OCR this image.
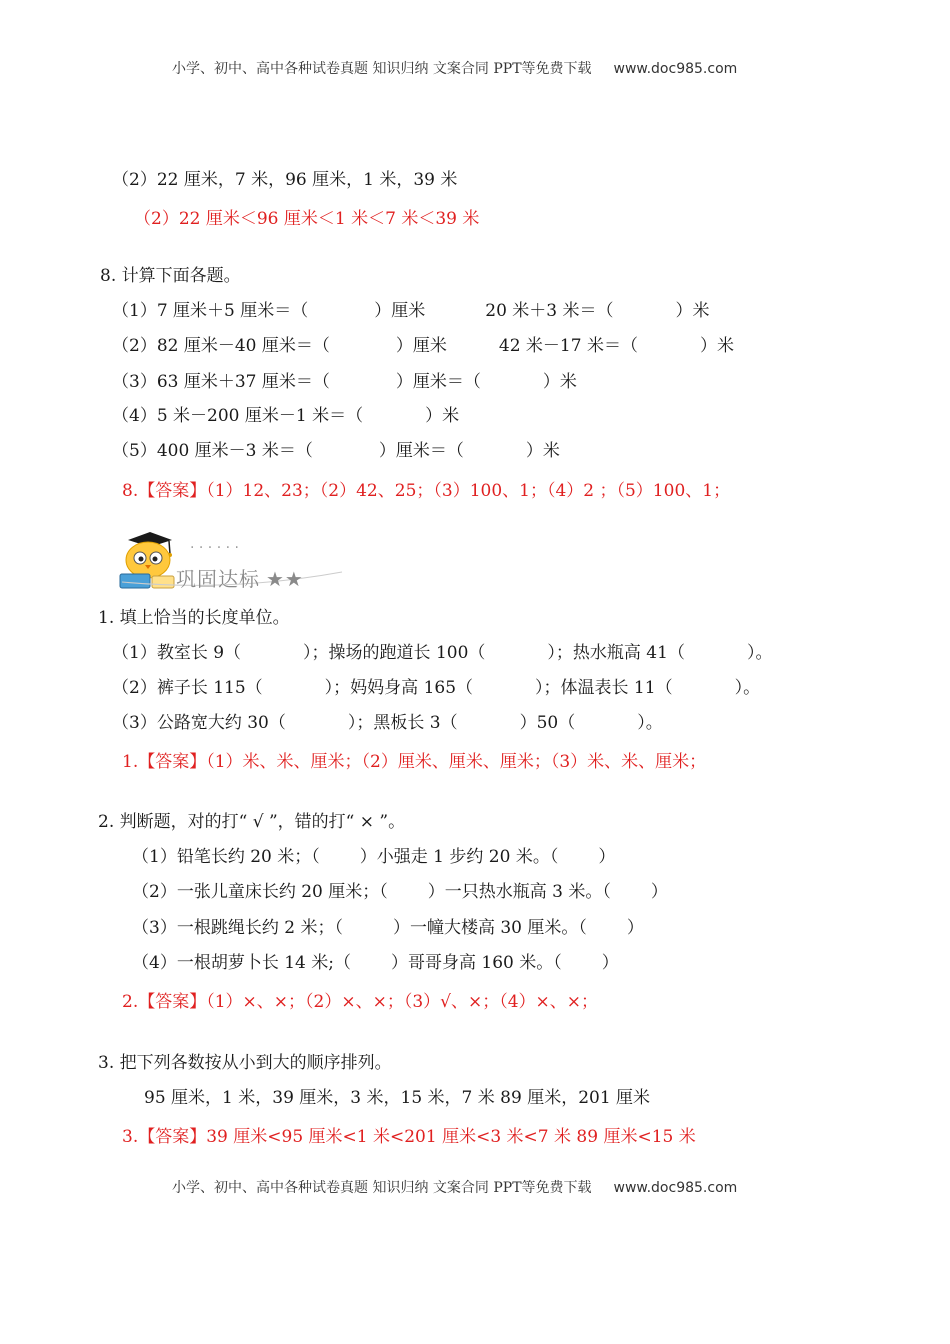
小学、初中、高中各种试卷真题 知识归纳 文案合同 PPT等免费下载 www.doc985.com
（2）22 厘米，7 米，96 厘米，1 米，39 米
（2）22 厘米＜96 厘米＜1 米＜7 米＜39 米
8. 计算下面各题。
（1）7 厘米＋5 厘米＝（	）厘米	20 米＋3 米＝（	）米
（2）82 厘米－40 厘米＝（	）厘米	42 米－17 米＝（	）米
（3）63 厘米＋37 厘米＝（	）厘米＝（	）米
（4）5 米－200 厘米－1 米＝（	）米
（5）400 厘米－3 米＝（	）厘米＝（	）米
8.【答案】（1）12、23；（2）42、25；（3）100、1；（4）2 ；（5）100、1；
· · · · · ·
巩固达标 ★★
1. 填上恰当的长度单位。
（1）教室长 9（	）；操场的跑道长 100（	）；热水瓶高 41（	）。
（2）裤子长 115（	）；妈妈身高 165（	）；体温表长 11（	）。
（3）公路宽大约 30（	）；黑板长 3（	）50（	）。
1.【答案】（1）米、米、厘米；（2）厘米、厘米、厘米；（3）米、米、厘米；
2. 判断题，对的打“ √ ”，错的打“ × ”。
（1）铅笔长约 20 米；（ ）小强走 1 步约 20 米。（ ）
（2）一张儿童床长约 20 厘米；（ ）一只热水瓶高 3 米。（ ）
（3）一根跳绳长约 2 米；（	）一幢大楼高 30 厘米。（ ）
（4）一根胡萝卜长 14 米;（ ）哥哥身高 160 米。（ ）
2.【答案】（1）×、×；（2）×、×；（3）√、×；（4）×、×；
3. 把下列各数按从小到大的顺序排列。
95 厘米，1 米，39 厘米，3 米，15 米，7 米 89 厘米，201 厘米
3.【答案】39 厘米<95 厘米<1 米<201 厘米<3 米<7 米 89 厘米<15 米
小学、初中、高中各种试卷真题 知识归纳 文案合同 PPT等免费下载 www.doc985.com
